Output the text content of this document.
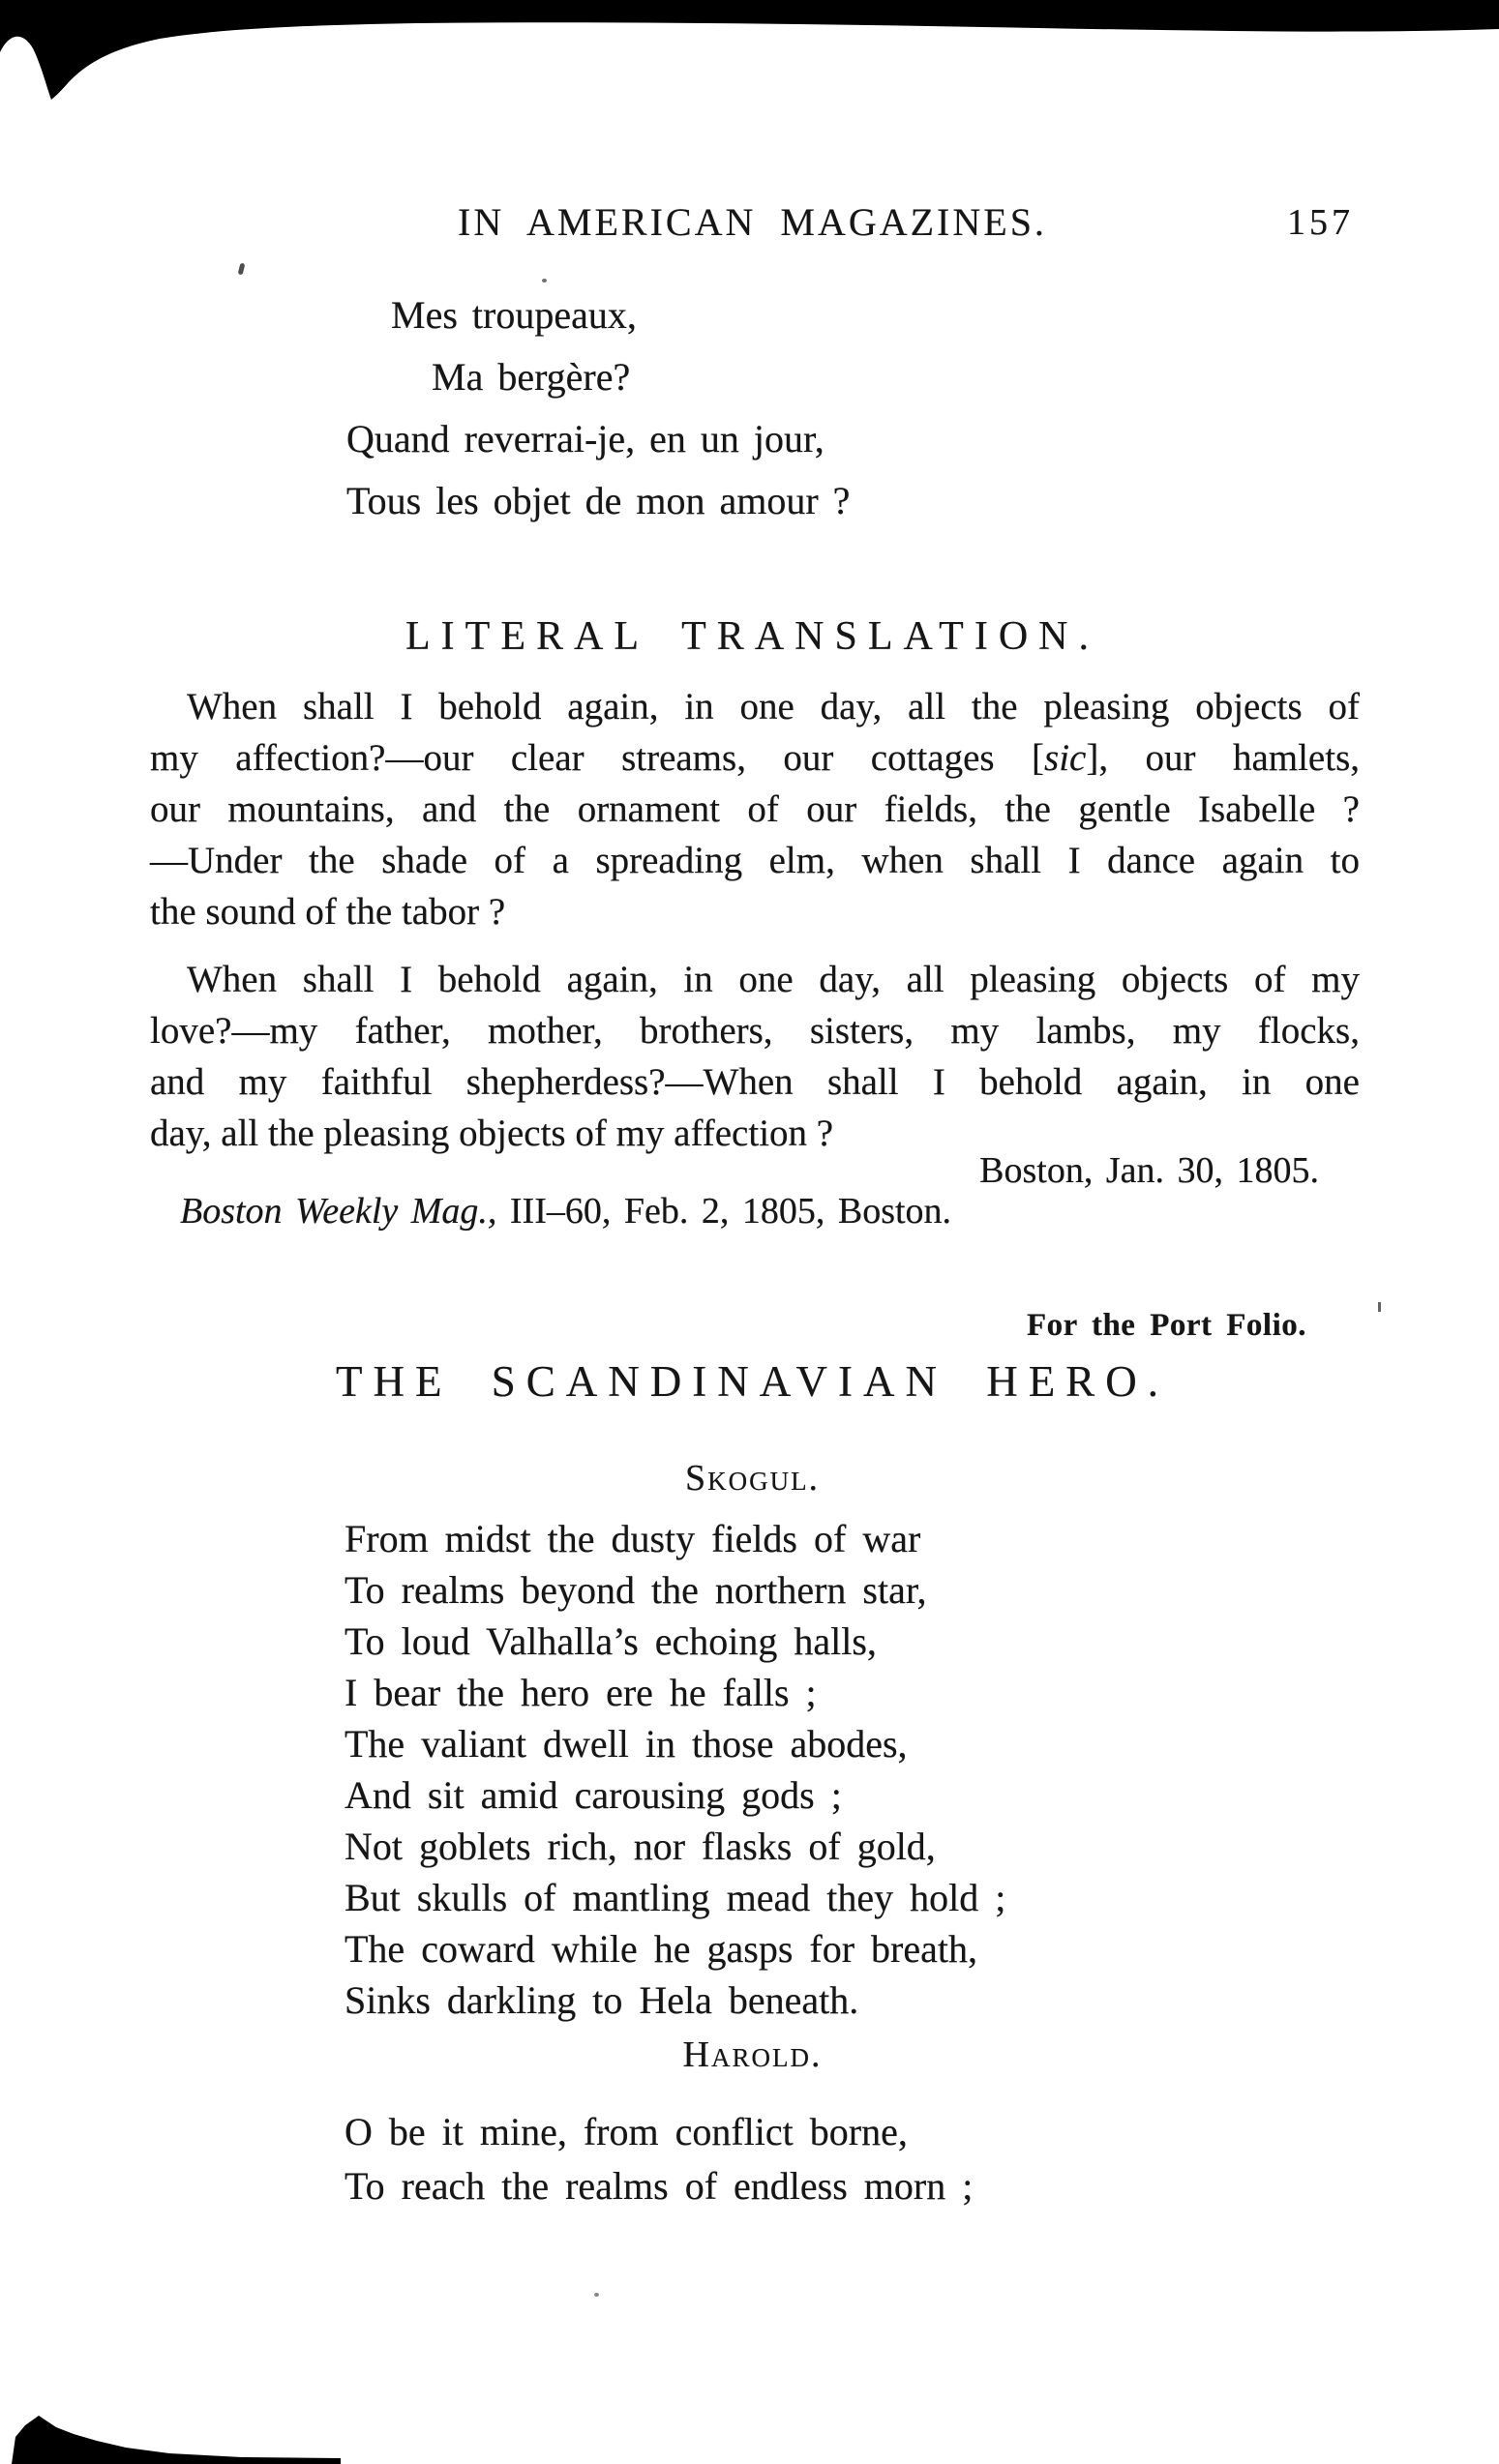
IN AMERICAN MAGAZINES.	157
Mes troupeaux,
Ma bergère?
Quand reverrai-je, en un jour,
Tous les objet de mon amour ?
LITERAL TRANSLATION.
When shall I behold again, in one day, all the pleasing objects of
my affection?—our clear streams, our cottages [sic], our hamlets,
our mountains, and the ornament of our fields, the gentle Isabelle ?
—Under the shade of a spreading elm, when shall I dance again to
the sound of the tabor ?
When shall I behold again, in one day, all pleasing objects of my
love?—my father, mother, brothers, sisters, my lambs, my flocks,
and my faithful shepherdess?—When shall I behold again, in one
day, all the pleasing objects of my affection ?
Boston, Jan. 30, 1805.
Boston Weekly Mag., III–60, Feb. 2, 1805, Boston.
For the Port Folio.
THE SCANDINAVIAN HERO.
Skogul.
From midst the dusty fields of war
To realms beyond the northern star,
To loud Valhalla’s echoing halls,
I bear the hero ere he falls ;
The valiant dwell in those abodes,
And sit amid carousing gods ;
Not goblets rich, nor flasks of gold,
But skulls of mantling mead they hold ;
The coward while he gasps for breath,
Sinks darkling to Hela beneath.
Harold.
O be it mine, from conflict borne,
To reach the realms of endless morn ;
